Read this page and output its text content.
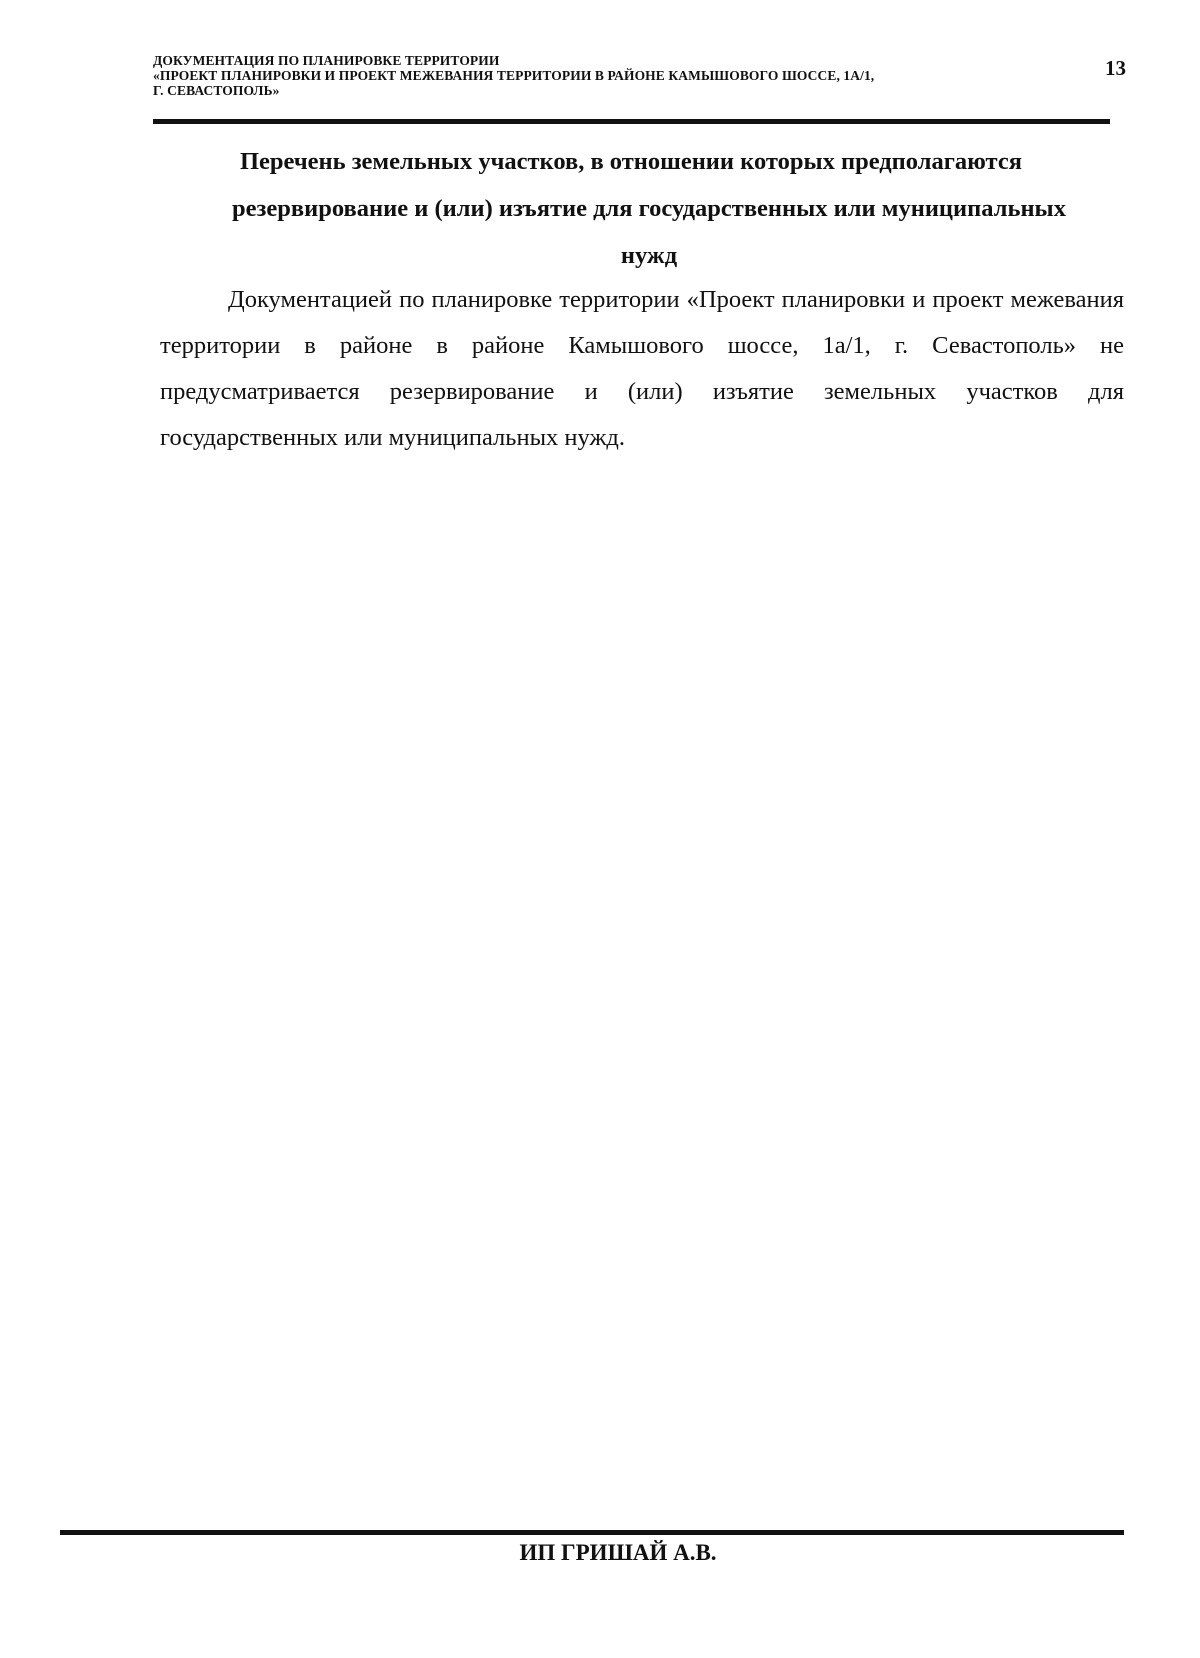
ДОКУМЕНТАЦИЯ ПО ПЛАНИРОВКЕ ТЕРРИТОРИИ
«ПРОЕКТ ПЛАНИРОВКИ И ПРОЕКТ МЕЖЕВАНИЯ ТЕРРИТОРИИ В РАЙОНЕ КАМЫШОВОГО ШОССЕ, 1А/1,
Г. СЕВАСТОПОЛЬ»
13
Перечень земельных участков, в отношении которых предполагаются
резервирование и (или) изъятие для государственных или муниципальных
нужд

Документацией по планировке территории «Проект планировки и проект межевания территории в районе в районе Камышового шоссе, 1а/1, г. Севастополь» не предусматривается резервирование и (или) изъятие земельных участков для государственных или муниципальных нужд.

ИП ГРИШАЙ А.В.
